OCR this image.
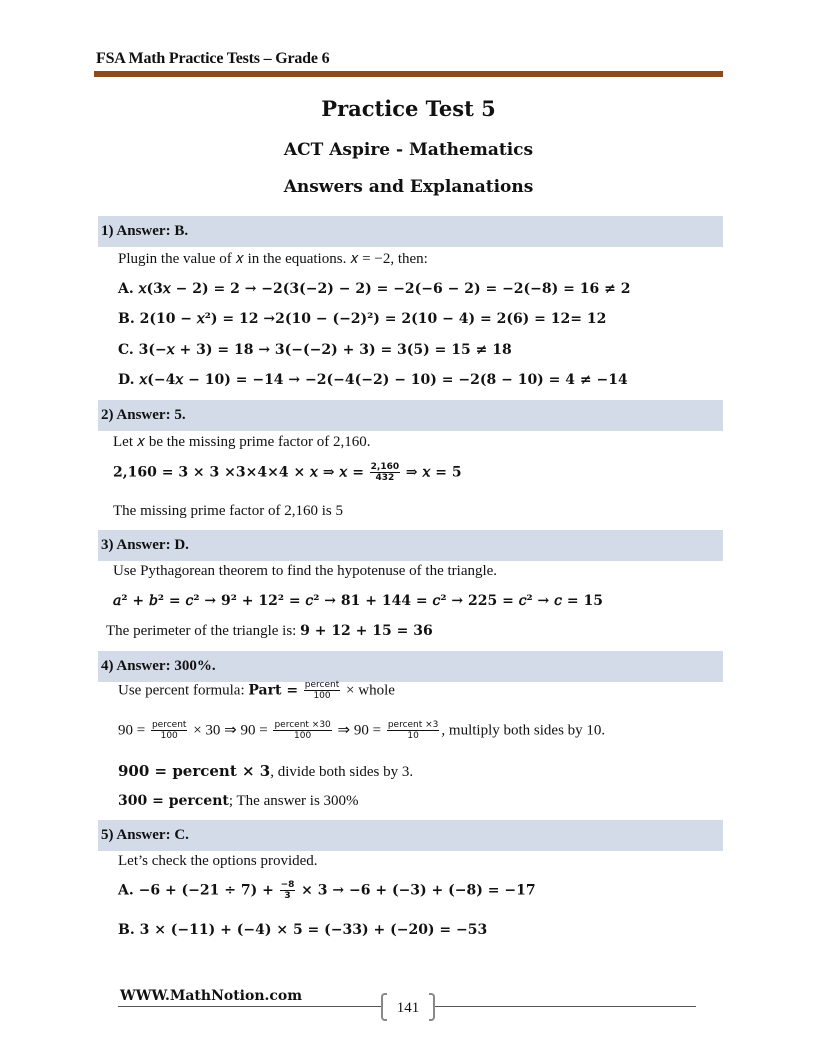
FSA Math Practice Tests – Grade 6
Practice Test 5
ACT Aspire - Mathematics
Answers and Explanations
1) Answer: B.
Plugin the value of 𝑥 in the equations. 𝑥 = −2, then:
A. 𝑥(3𝑥 − 2) = 2 → −2(3(−2) − 2) = −2(−6 − 2) = −2(−8) = 16 ≠ 2
B. 2(10 − 𝑥²) = 12 →2(10 − (−2)²) = 2(10 − 4) = 2(6) = 12= 12
C. 3(−𝑥 + 3) = 18 → 3(−(−2) + 3) = 3(5) = 15 ≠ 18
D. 𝑥(−4𝑥 − 10) = −14 → −2(−4(−2) − 10) = −2(8 − 10) = 4 ≠ −14
2) Answer: 5.
Let 𝑥 be the missing prime factor of 2,160.
2,160 = 3 × 3 ×3×4×4 × 𝑥 ⇒ 𝑥 = $\frac{2,160}{432}$ ⇒ 𝑥 = 5
The missing prime factor of 2,160 is 5
3) Answer: D.
Use Pythagorean theorem to find the hypotenuse of the triangle.
𝑎² + 𝑏² = 𝑐² → 9² + 12² = 𝑐² → 81 + 144 = 𝑐² → 225 = 𝑐² → 𝑐 = 15
The perimeter of the triangle is: 9 + 12 + 15 = 36
4) Answer: 300%.
Use percent formula: Part = $\frac{\text{percent}}{100}$ × whole
$90 = \frac{\text{percent}}{100} \times 30$ ⇒ $90 = \frac{\text{percent ×30}}{100}$ ⇒ $90 = \frac{\text{percent ×3}}{10}$ , multiply both sides by 10.
900 = percent × 3, divide both sides by 3.
300 = percent; The answer is 300%
5) Answer: C.
Let’s check the options provided.
A. $-6 + (-21 \div 7) + \frac{-8}{3} \times 3 \to -6 + (-3) + (-8) = -17$
B. 3 × (−11) + (−4) × 5 = (−33) + (−20) = −53
WWW.MathNotion.com
141
